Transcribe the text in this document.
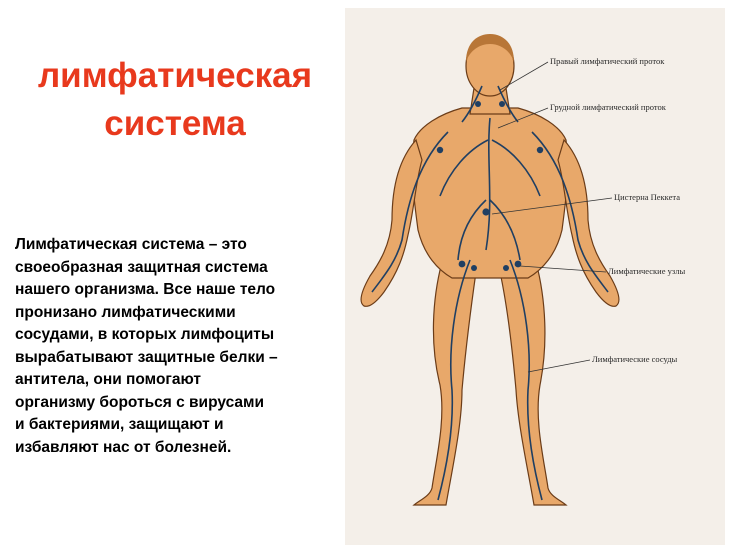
лимфатическая
система

Лимфатическая система – это
своеобразная защитная система
нашего организма. Все наше тело
пронизано лимфатическими
сосудами, в которых лимфоциты
вырабатывают защитные белки –
антитела, они помогают
организму бороться с вирусами
и бактериями, защищают и
избавляют нас от болезней.

Правый лимфатический проток
Грудной лимфатический проток
Цистерна Пеккета
Лимфатические узлы
Лимфатические сосуды
